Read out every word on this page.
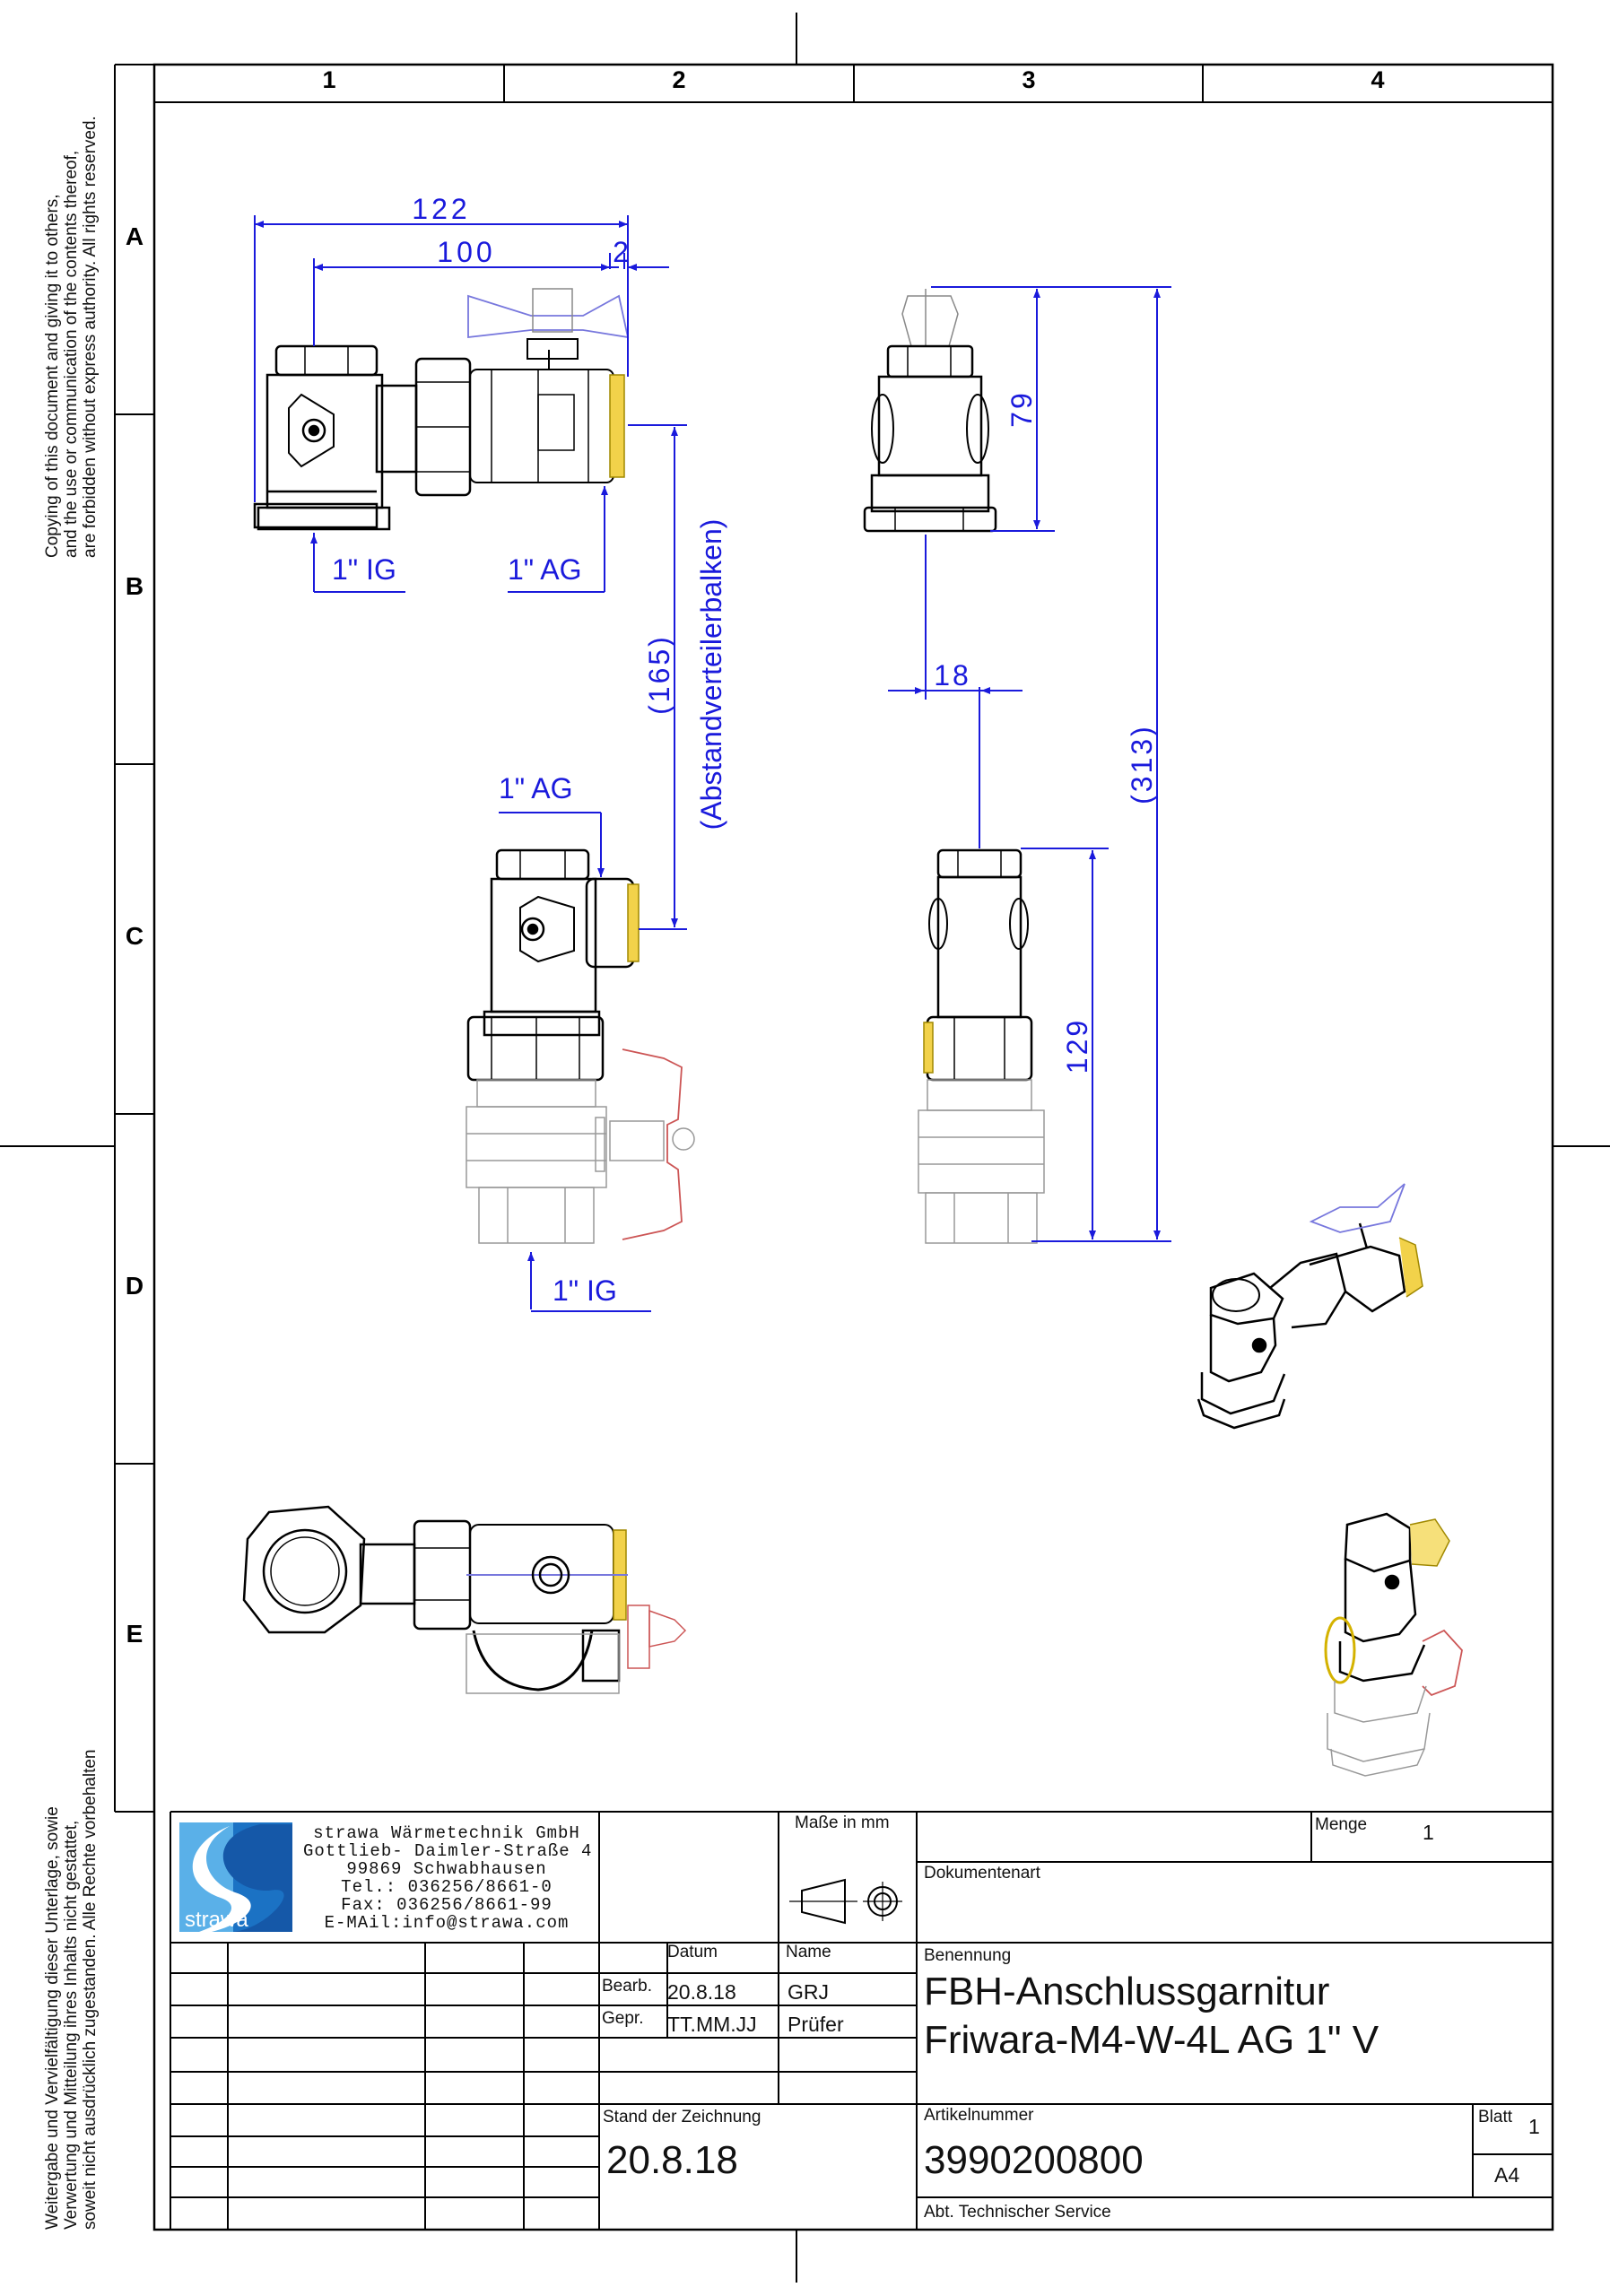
122
100	2
1" IG	1" AG
1" AG
1" IG
18
79
129
(313)
(165) (Abstandverteilerbalken)
strawa
1	2	3	4
A
B
C
D
E
Copying of this document and giving it to others, and the use or communication of the contents thereof, are forbidden without express authority. All rights reserved.
Weitergabe und Vervielfältigung dieser Unterlage, sowie Verwertung und Mitteilung ihres Inhalts nicht gestattet, soweit nicht ausdrücklich zugestanden. Alle Rechte vorbehalten	strawa Wärmetechnik GmbH
Gottlieb- Daimler-Straße 4
99869 Schwabhausen
Tel.: 036256/8661-0
Fax: 036256/8661-99
E-MAil:info@strawa.com
Maße in mm	Menge	1
Dokumentenart
Datum	Name
Bearb. 20.8.18 GRJ
Gepr. TT.MM.JJ Prüfer
Benennung
FBH-Anschlussgarnitur
Friwara-M4-W-4L AG 1" V
Stand der Zeichnung
20.8.18
Artikelnummer
3990200800
Blatt 1
A4
Abt. Technischer Service
